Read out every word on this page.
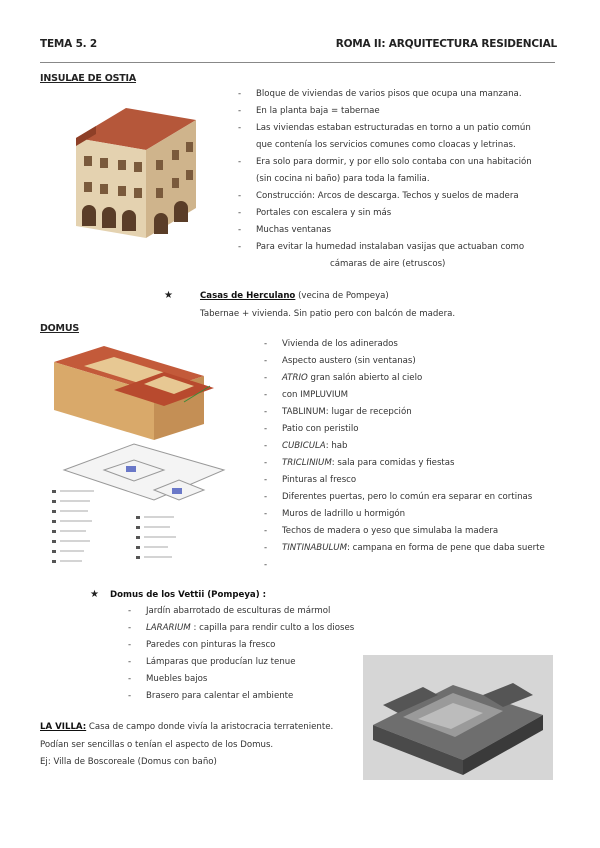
TEMA 5. 2	ROMA II: ARQUITECTURA RESIDENCIAL
INSULAE DE OSTIA
- Bloque de viviendas de varios pisos que ocupa una manzana.
- En la planta baja = tabernae
- Las viviendas estaban estructuradas en torno a un patio común
que contenía los servicios comunes como cloacas y letrinas.
- Era solo para dormir, y por ello solo contaba con una habitación
(sin cocina ni baño) para toda la familia.
- Construcción: Arcos de descarga. Techos y suelos de madera
- Portales con escalera y sin más
- Muchas ventanas
- Para evitar la humedad instalaban vasijas que actuaban como
cámaras de aire (etruscos)
★	Casas de Herculano (vecina de Pompeya)
Tabernae + vivienda. Sin patio pero con balcón de madera.
DOMUS
- Vivienda de los adinerados
- Aspecto austero (sin ventanas)
- ATRIO gran salón abierto al cielo
- con IMPLUVIUM
- TABLINUM: lugar de recepción
- Patio con peristilo
- CUBICULA: hab
- TRICLINIUM: sala para comidas y fiestas
- Pinturas al fresco
- Diferentes puertas, pero lo común era separar en cortinas
- Muros de ladrillo u hormigón
- Techos de madera o yeso que simulaba la madera
- TINTINABULUM: campana en forma de pene que daba suerte
★ Domus de los Vettii (Pompeya) :
- Jardín abarrotado de esculturas de mármol
- LARARIUM : capilla para rendir culto a los dioses
- Paredes con pinturas la fresco
- Lámparas que producían luz tenue
- Muebles bajos
- Brasero para calentar el ambiente
LA VILLA: Casa de campo donde vivía la aristocracia terrateniente.
Podían ser sencillas o tenían el aspecto de los Domus.
Ej: Villa de Boscoreale (Domus con baño)
